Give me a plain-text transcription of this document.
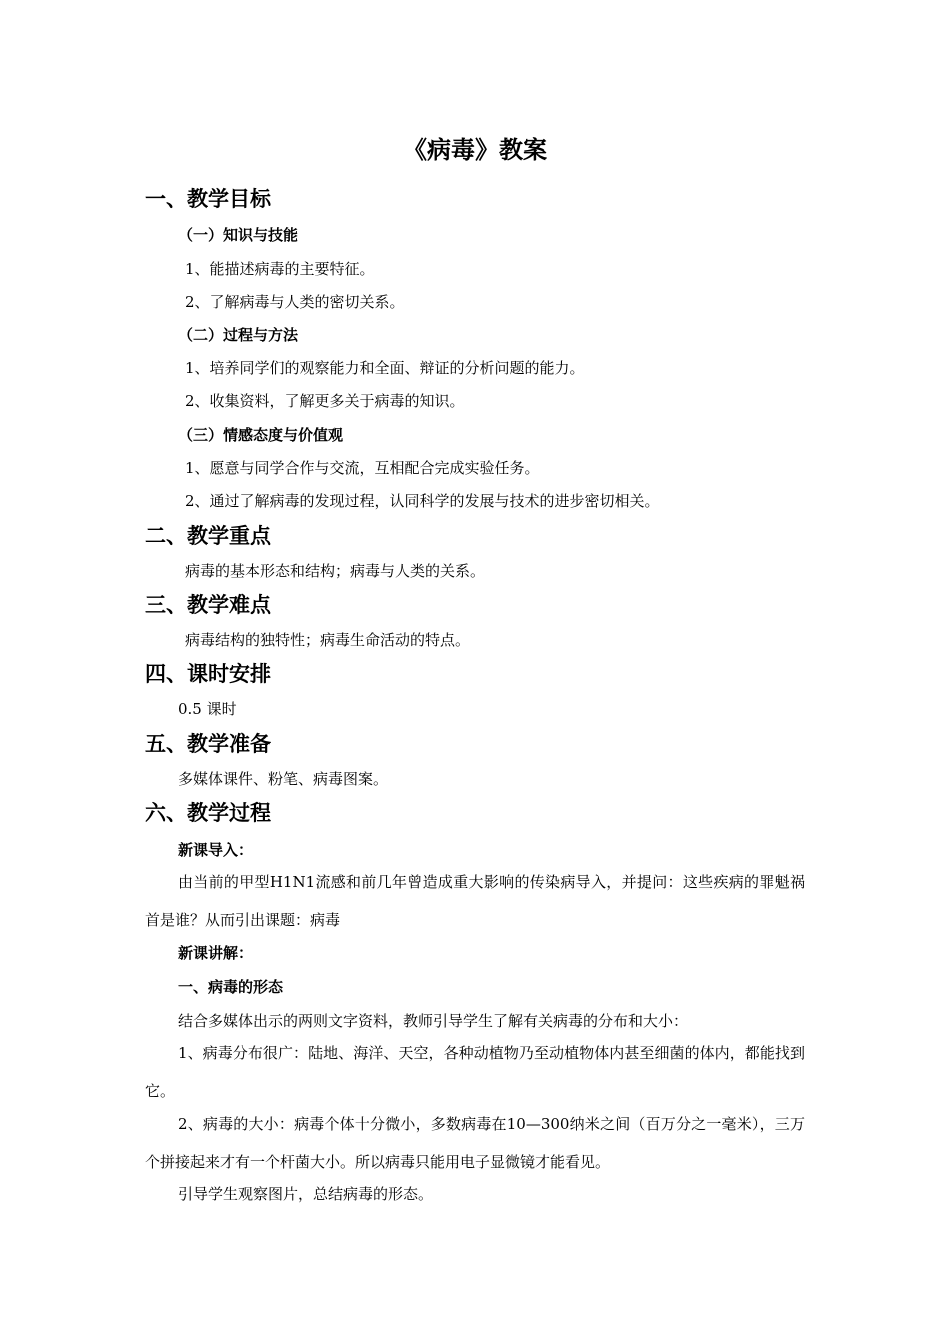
《病毒》教案
一、教学目标
（一）知识与技能
1、能描述病毒的主要特征。
2、了解病毒与人类的密切关系。
（二）过程与方法
1、培养同学们的观察能力和全面、辩证的分析问题的能力。
2、收集资料，了解更多关于病毒的知识。
（三）情感态度与价值观
1、愿意与同学合作与交流，互相配合完成实验任务。
2、通过了解病毒的发现过程，认同科学的发展与技术的进步密切相关。
二、教学重点
病毒的基本形态和结构；病毒与人类的关系。
三、教学难点
病毒结构的独特性；病毒生命活动的特点。
四、课时安排
0.5 课时
五、教学准备
多媒体课件、粉笔、病毒图案。
六、教学过程
新课导入：
由当前的甲型H1N1流感和前几年曾造成重大影响的传染病导入，并提问：这些疾病的罪魁祸首是谁？从而引出课题：病毒
新课讲解：
一、病毒的形态
结合多媒体出示的两则文字资料，教师引导学生了解有关病毒的分布和大小：
1、病毒分布很广：陆地、海洋、天空，各种动植物乃至动植物体内甚至细菌的体内，都能找到它。
2、病毒的大小：病毒个体十分微小，多数病毒在10—300纳米之间（百万分之一毫米），三万个拼接起来才有一个杆菌大小。所以病毒只能用电子显微镜才能看见。
引导学生观察图片，总结病毒的形态。
